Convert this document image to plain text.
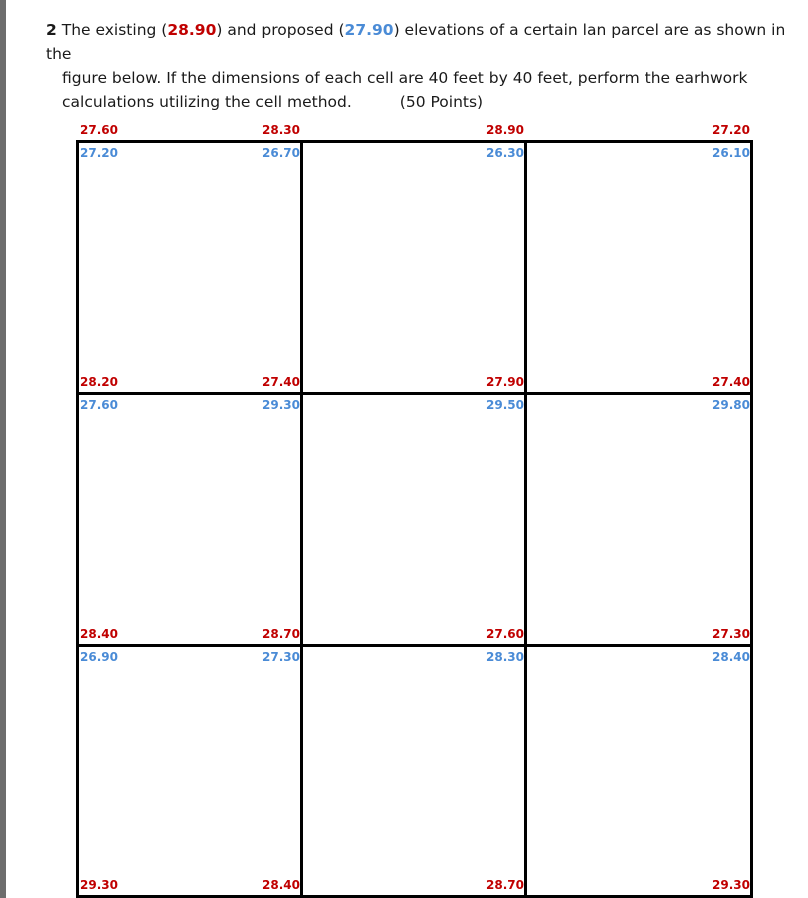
2 The existing (28.90) and proposed (27.90) elevations of a certain lan parcel are as shown in the
figure below. If the dimensions of each cell are 40 feet by 40 feet, perform the earhwork
calculations utilizing the cell method.	(50 Points)
27.60	28.30	28.90	27.20
27.20	26.70	26.30	26.10
28.20	27.40	27.90	27.40
27.60	29.30	29.50	29.80
28.40	28.70	27.60	27.30
26.90	27.30	28.30	28.40
29.30	28.40	28.70	29.30
